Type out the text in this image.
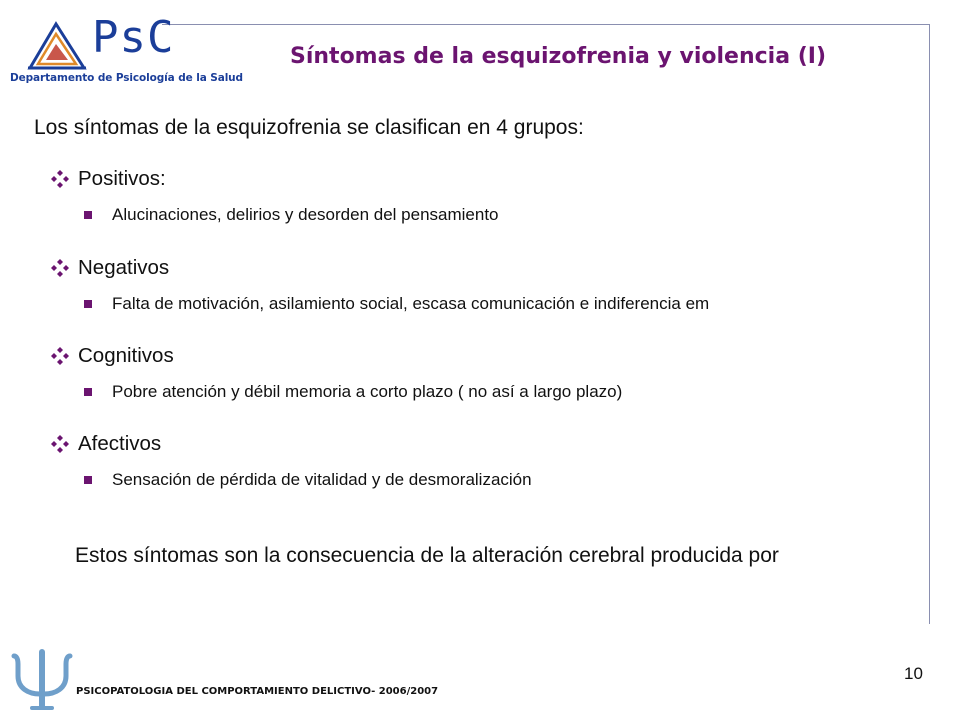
PsC
Departamento de Psicología de la Salud
Síntomas de la esquizofrenia y violencia (I)
Los síntomas de la esquizofrenia se clasifican en 4 grupos:
Positivos:
Alucinaciones, delirios y desorden del pensamiento
Negativos
Falta de motivación, asilamiento social, escasa comunicación e indiferencia em
Cognitivos
Pobre atención y débil memoria a corto plazo ( no así a largo plazo)
Afectivos
Sensación de pérdida de vitalidad y de desmoralización
Estos síntomas son la consecuencia de la alteración cerebral producida por
PSICOPATOLOGIA DEL COMPORTAMIENTO DELICTIVO- 2006/2007
10
